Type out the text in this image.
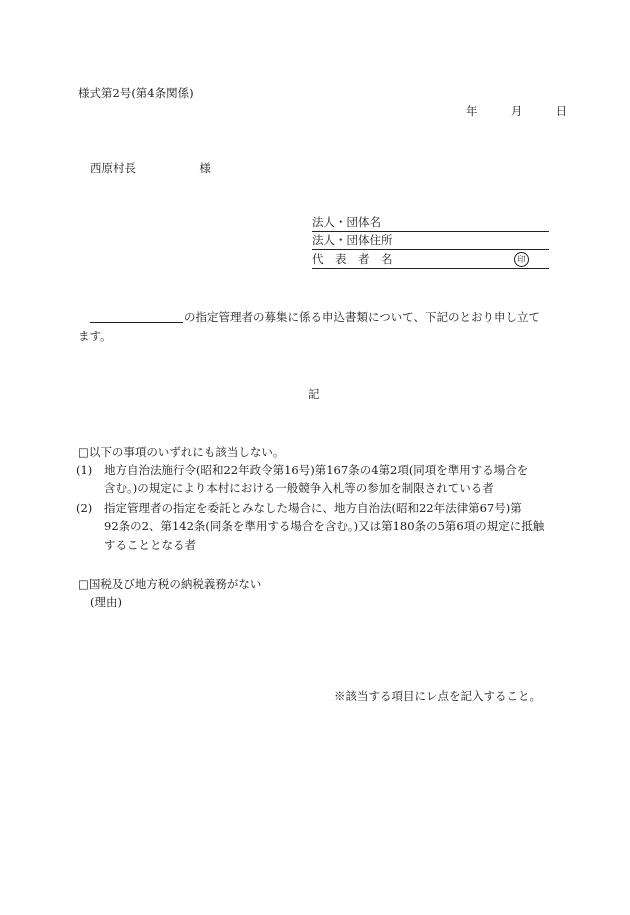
様式第2号(第4条関係)
年	月	日
西原村長	様
法人・団体名
法人・団体住所
代　表　者　名	印
の指定管理者の募集に係る申込書類について、下記のとおり申し立て
ます。
記
□以下の事項のいずれにも該当しない。
(1)	地方自治法施行令(昭和22年政令第16号)第167条の4第2項(同項を準用する場合を
含む。)の規定により本村における一般競争入札等の参加を制限されている者
(2)	指定管理者の指定を委託とみなした場合に、地方自治法(昭和22年法律第67号)第
92条の2、第142条(同条を準用する場合を含む。)又は第180条の5第6項の規定に抵触
することとなる者
□国税及び地方税の納税義務がない
(理由)
※該当する項目にレ点を記入すること。
